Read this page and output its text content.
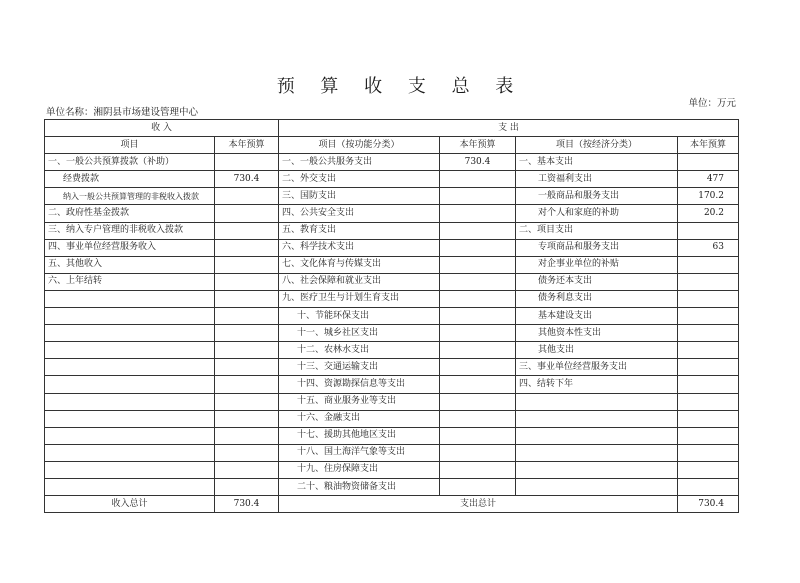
预 算 收 支 总 表
单位：万元
单位名称：湘阴县市场建设管理中心
收 入		支 出			
项目	本年预算	项目（按功能分类）	本年预算	项目（按经济分类）	本年预算
一、一般公共预算拨款（补助）		一、一般公共服务支出	730.4	一、基本支出	
经费拨款	730.4	二、外交支出		工资福利支出	477
纳入一般公共预算管理的非税收入拨款		三、国防支出		一般商品和服务支出	170.2
二、政府性基金拨款		四、公共安全支出		对个人和家庭的补助	20.2
三、纳入专户管理的非税收入拨款		五、教育支出		二、项目支出	
四、事业单位经营服务收入		六、科学技术支出		专项商品和服务支出	63
五、其他收入		七、文化体育与传媒支出		对企事业单位的补贴	
六、上年结转		八、社会保障和就业支出		债务还本支出	
		九、医疗卫生与计划生育支出		债务利息支出	
		十、节能环保支出		基本建设支出	
		十一、城乡社区支出		其他资本性支出	
		十二、农林水支出		其他支出	
		十三、交通运输支出		三、事业单位经营服务支出	
		十四、资源勘探信息等支出		四、结转下年	
		十五、商业服务业等支出			
		十六、金融支出			
		十七、援助其他地区支出			
		十八、国土海洋气象等支出			
		十九、住房保障支出			
		二十、粮油物资储备支出			
收入总计	730.4	支出总计			730.4
